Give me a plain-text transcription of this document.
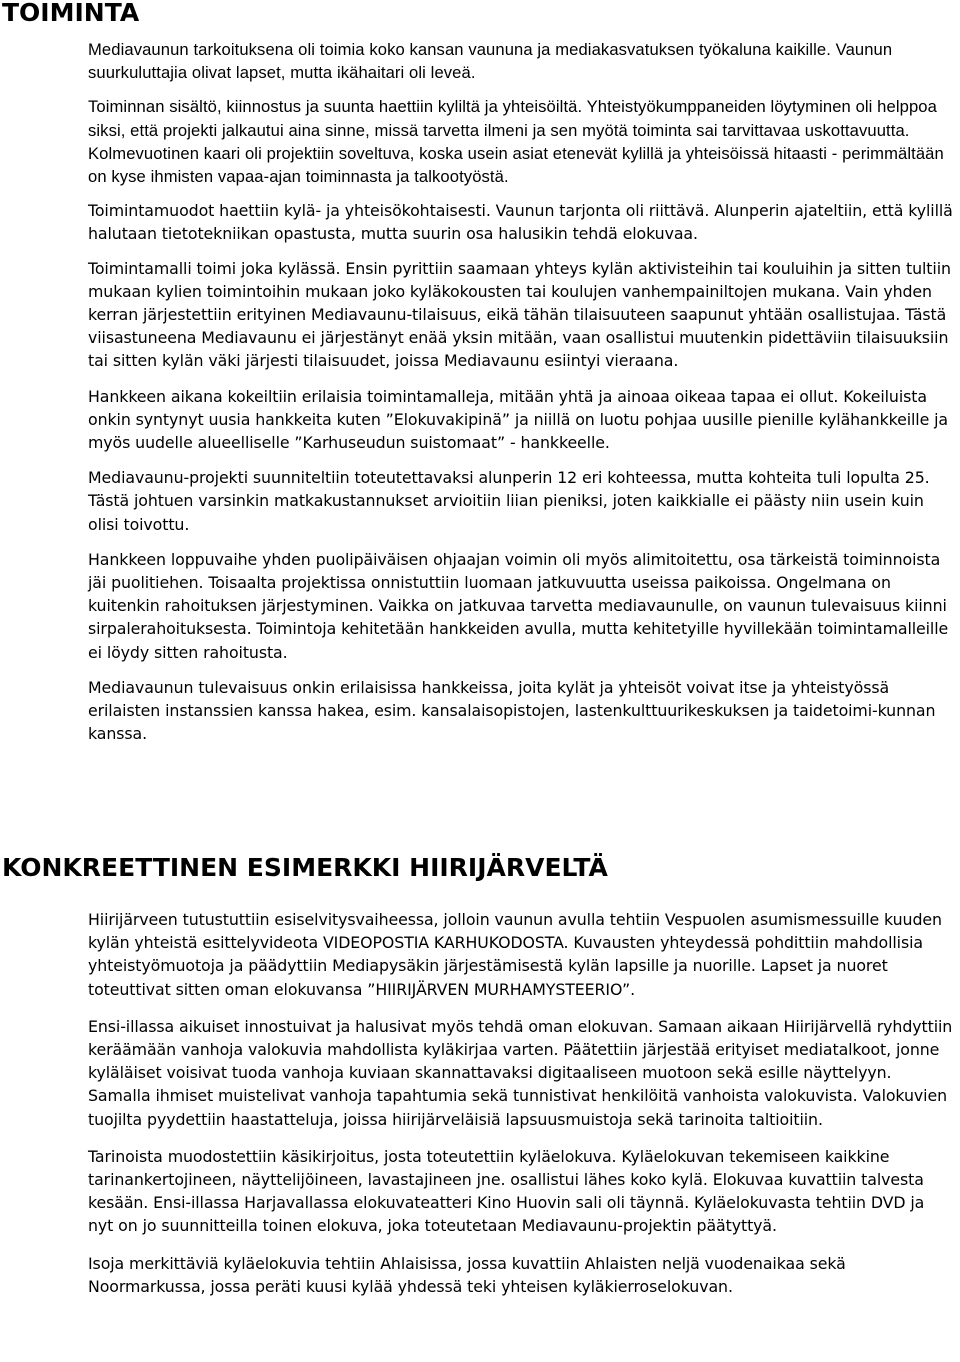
TOIMINTA

Mediavaunun tarkoituksena oli toimia koko kansan vaununa ja mediakasvatuksen työkaluna kaikille. Vaunun suurkuluttajia olivat lapset, mutta ikähaitari oli leveä.

Toiminnan sisältö, kiinnostus ja suunta haettiin kyliltä ja yhteisöiltä. Yhteistyökumppaneiden löytyminen oli helppoa siksi, että projekti jalkautui aina sinne, missä tarvetta ilmeni ja sen myötä toiminta sai tarvittavaa uskottavuutta. Kolmevuotinen kaari oli projektiin soveltuva, koska usein asiat etenevät kylillä ja yhteisöissä hitaasti - perimmältään on kyse ihmisten vapaa-ajan toiminnasta ja talkootyöstä.

Toimintamuodot haettiin kylä- ja yhteisökohtaisesti. Vaunun tarjonta oli riittävä. Alunperin ajateltiin, että kylillä halutaan tietotekniikan opastusta, mutta suurin osa halusikin tehdä elokuvaa.

Toimintamalli toimi joka kylässä. Ensin pyrittiin saamaan yhteys kylän aktivisteihin tai kouluihin ja sitten tultiin mukaan kylien toimintoihin mukaan joko kyläkokousten tai koulujen vanhempainiltojen mukana. Vain yhden kerran järjestettiin erityinen Mediavaunu-tilaisuus, eikä tähän tilaisuuteen saapunut yhtään osallistujaa. Tästä viisastuneena Mediavaunu ei järjestänyt enää yksin mitään, vaan osallistui muutenkin pidettäviin tilaisuuksiin tai sitten kylän väki järjesti tilaisuudet, joissa Mediavaunu esiintyi vieraana.

Hankkeen aikana kokeiltiin erilaisia toimintamalleja, mitään yhtä ja ainoaa oikeaa tapaa ei ollut. Kokeiluista onkin syntynyt uusia hankkeita kuten ”Elokuvakipinä” ja niillä on luotu pohjaa uusille pienille kylähankkeille ja myös uudelle alueelliselle ”Karhuseudun suistomaat” - hankkeelle.

Mediavaunu-projekti suunniteltiin toteutettavaksi alunperin 12 eri kohteessa, mutta kohteita tuli lopulta 25. Tästä johtuen varsinkin matkakustannukset arvioitiin liian pieniksi, joten kaikkialle ei päästy niin usein kuin olisi toivottu.

Hankkeen loppuvaihe yhden puolipäiväisen ohjaajan voimin oli myös alimitoitettu, osa tärkeistä toiminnoista jäi puolitiehen. Toisaalta projektissa onnistuttiin luomaan jatkuvuutta useissa paikoissa. Ongelmana on kuitenkin rahoituksen järjestyminen. Vaikka on jatkuvaa tarvetta mediavaunulle, on vaunun tulevaisuus kiinni sirpalerahoituksesta. Toimintoja kehitetään hankkeiden avulla, mutta kehitetyille hyvillekään toimintamalleille ei löydy sitten rahoitusta.

Mediavaunun tulevaisuus onkin erilaisissa hankkeissa, joita kylät ja yhteisöt voivat itse ja yhteistyössä erilaisten instanssien kanssa hakea, esim. kansalaisopistojen, lastenkulttuurikeskuksen ja taidetoimi-kunnan kanssa.

KONKREETTINEN ESIMERKKI HIIRIJÄRVELTÄ

Hiirijärveen tutustuttiin esiselvitysvaiheessa, jolloin vaunun avulla tehtiin Vespuolen asumismessuille kuuden kylän yhteistä esittelyvideota VIDEOPOSTIA KARHUKODOSTA. Kuvausten yhteydessä pohdittiin mahdollisia yhteistyömuotoja ja päädyttiin Mediapysäkin järjestämisestä kylän lapsille ja nuorille. Lapset ja nuoret toteuttivat sitten oman elokuvansa ”HIIRIJÄRVEN MURHAMYSTEERIO”.

Ensi-illassa aikuiset innostuivat ja halusivat myös tehdä oman elokuvan. Samaan aikaan Hiirijärvellä ryhdyttiin keräämään vanhoja valokuvia mahdollista kyläkirjaa varten. Päätettiin järjestää erityiset mediatalkoot, jonne kyläläiset voisivat tuoda vanhoja kuviaan skannattavaksi digitaaliseen muotoon sekä esille näyttelyyn. Samalla ihmiset muistelivat vanhoja tapahtumia sekä tunnistivat henkilöitä vanhoista valokuvista. Valokuvien tuojilta pyydettiin haastatteluja, joissa hiirijärveläisiä lapsuusmuistoja sekä tarinoita taltioitiin.

Tarinoista muodostettiin käsikirjoitus, josta toteutettiin kyläelokuva. Kyläelokuvan tekemiseen kaikkine tarinankertojineen, näyttelijöineen, lavastajineen jne. osallistui lähes koko kylä. Elokuvaa kuvattiin talvesta kesään. Ensi-illassa Harjavallassa elokuvateatteri Kino Huovin sali oli täynnä. Kyläelokuvasta tehtiin DVD ja nyt on jo suunnitteilla toinen elokuva, joka toteutetaan Mediavaunu-projektin päätyttyä.

Isoja merkittäviä kyläelokuvia tehtiin Ahlaisissa, jossa kuvattiin Ahlaisten neljä vuodenaikaa sekä Noormarkussa, jossa peräti kuusi kylää yhdessä teki yhteisen kyläkierroselokuvan.
